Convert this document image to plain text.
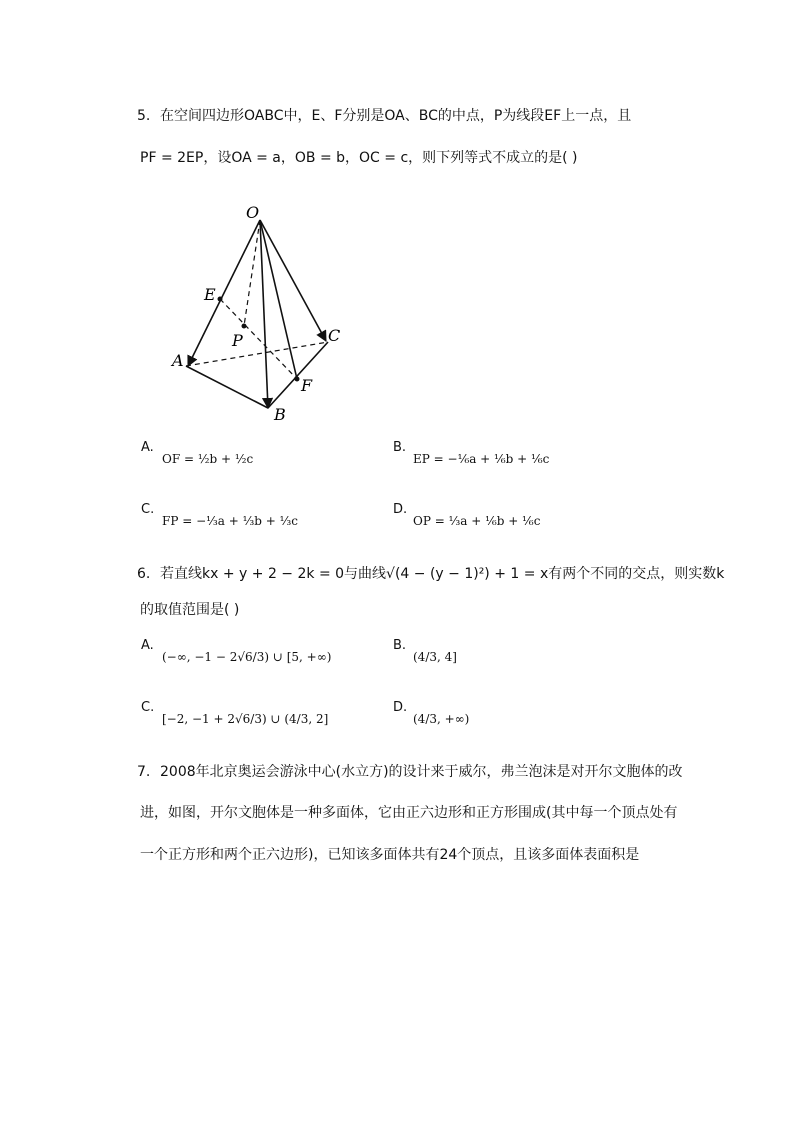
5. 在空间四边形OABC中，E、F分别是OA、BC的中点，P为线段EF上一点，且
PF = 2EP，设OA = a，OB = b，OC = c，则下列等式不成立的是( )
O
E
P
A
B
C
F
A.
OF = ½b + ½c
B.
EP = −⅙a + ⅙b + ⅙c
C.
FP = −⅓a + ⅓b + ⅓c
D.
OP = ⅓a + ⅙b + ⅙c
6. 若直线kx + y + 2 − 2k = 0与曲线√(4 − (y − 1)²) + 1 = x有两个不同的交点，则实数k
的取值范围是( )
A.
(−∞, −1 − 2√6/3) ∪ [5, +∞)
B.
(4/3, 4]
C.
[−2, −1 + 2√6/3) ∪ (4/3, 2]
D.
(4/3, +∞)
7. 2008年北京奥运会游泳中心(水立方)的设计来于威尔，弗兰泡沫是对开尔文胞体的改
进，如图，开尔文胞体是一种多面体，它由正六边形和正方形围成(其中每一个顶点处有
一个正方形和两个正六边形)，已知该多面体共有24个顶点，且该多面体表面积是
